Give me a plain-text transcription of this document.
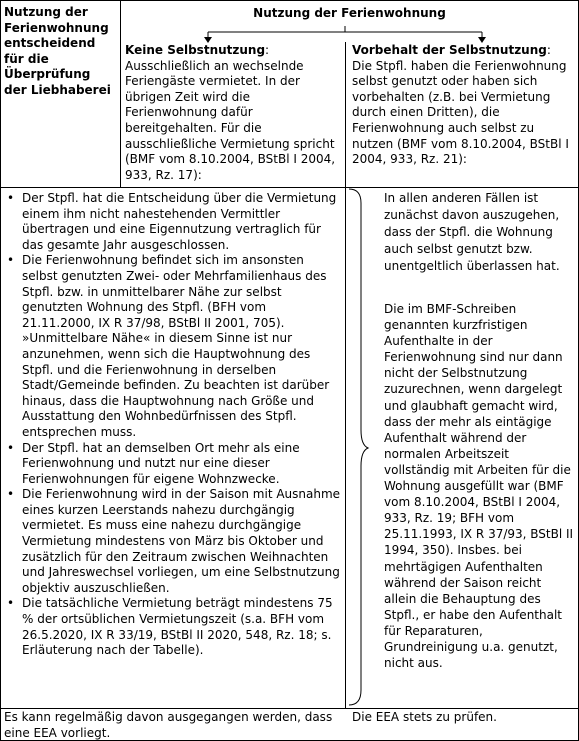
Nutzung der Ferienwohnung entscheidend für die Überprüfung der Liebhaberei
Nutzung der Ferienwohnung
Keine Selbstnutzung:
Ausschließlich an wechselnde Feriengäste vermietet. In der übrigen Zeit wird die Ferienwohnung dafür bereitgehalten. Für die ausschließliche Vermietung spricht (BMF vom 8.10.2004, BStBl I 2004, 933, Rz. 17):
Vorbehalt der Selbstnutzung:
Die Stpfl. haben die Ferienwohnung selbst genutzt oder haben sich vorbehalten (z.B. bei Vermietung durch einen Dritten), die Ferienwohnung auch selbst zu nutzen (BMF vom 8.10.2004, BStBl I 2004, 933, Rz. 21):
• Der Stpfl. hat die Entscheidung über die Vermietung einem ihm nicht nahestehenden Vermittler übertragen und eine Eigennutzung vertraglich für das gesamte Jahr ausgeschlossen.
• Die Ferienwohnung befindet sich im ansonsten selbst genutzten Zwei- oder Mehrfamilienhaus des Stpfl. bzw. in unmittelbarer Nähe zur selbst genutzten Wohnung des Stpfl. (BFH vom 21.11.2000, IX R 37/98, BStBl II 2001, 705). »Unmittelbare Nähe« in diesem Sinne ist nur anzunehmen, wenn sich die Hauptwohnung des Stpfl. und die Ferienwohnung in derselben Stadt/Gemeinde befinden. Zu beachten ist darüber hinaus, dass die Hauptwohnung nach Größe und Ausstattung den Wohnbedürfnissen des Stpfl. entsprechen muss.
• Der Stpfl. hat an demselben Ort mehr als eine Ferienwohnung und nutzt nur eine dieser Ferienwohnungen für eigene Wohnzwecke.
• Die Ferienwohnung wird in der Saison mit Ausnahme eines kurzen Leerstands nahezu durchgängig vermietet. Es muss eine nahezu durchgängige Vermietung mindestens von März bis Oktober und zusätzlich für den Zeitraum zwischen Weihnachten und Jahreswechsel vorliegen, um eine Selbstnutzung objektiv auszuschließen.
• Die tatsächliche Vermietung beträgt mindestens 75 % der ortsüblichen Vermietungszeit (s.a. BFH vom 26.5.2020, IX R 33/19, BStBl II 2020, 548, Rz. 18; s. Erläuterung nach der Tabelle).
In allen anderen Fällen ist zunächst davon auszugehen, dass der Stpfl. die Wohnung auch selbst genutzt bzw. unentgeltlich überlassen hat.
Die im BMF-Schreiben genannten kurzfristigen Aufenthalte in der Ferienwohnung sind nur dann nicht der Selbstnutzung zuzurechnen, wenn dargelegt und glaubhaft gemacht wird, dass der mehr als eintägige Aufenthalt während der normalen Arbeitszeit vollständig mit Arbeiten für die Wohnung ausgefüllt war (BMF vom 8.10.2004, BStBl I 2004, 933, Rz. 19; BFH vom 25.11.1993, IX R 37/93, BStBl II 1994, 350). Insbes. bei mehrtägigen Aufenthalten während der Saison reicht allein die Behauptung des Stpfl., er habe den Aufenthalt für Reparaturen, Grundreinigung u.a. genutzt, nicht aus.
Es kann regelmäßig davon ausgegangen werden, dass eine EEA vorliegt.
Die EEA stets zu prüfen.
